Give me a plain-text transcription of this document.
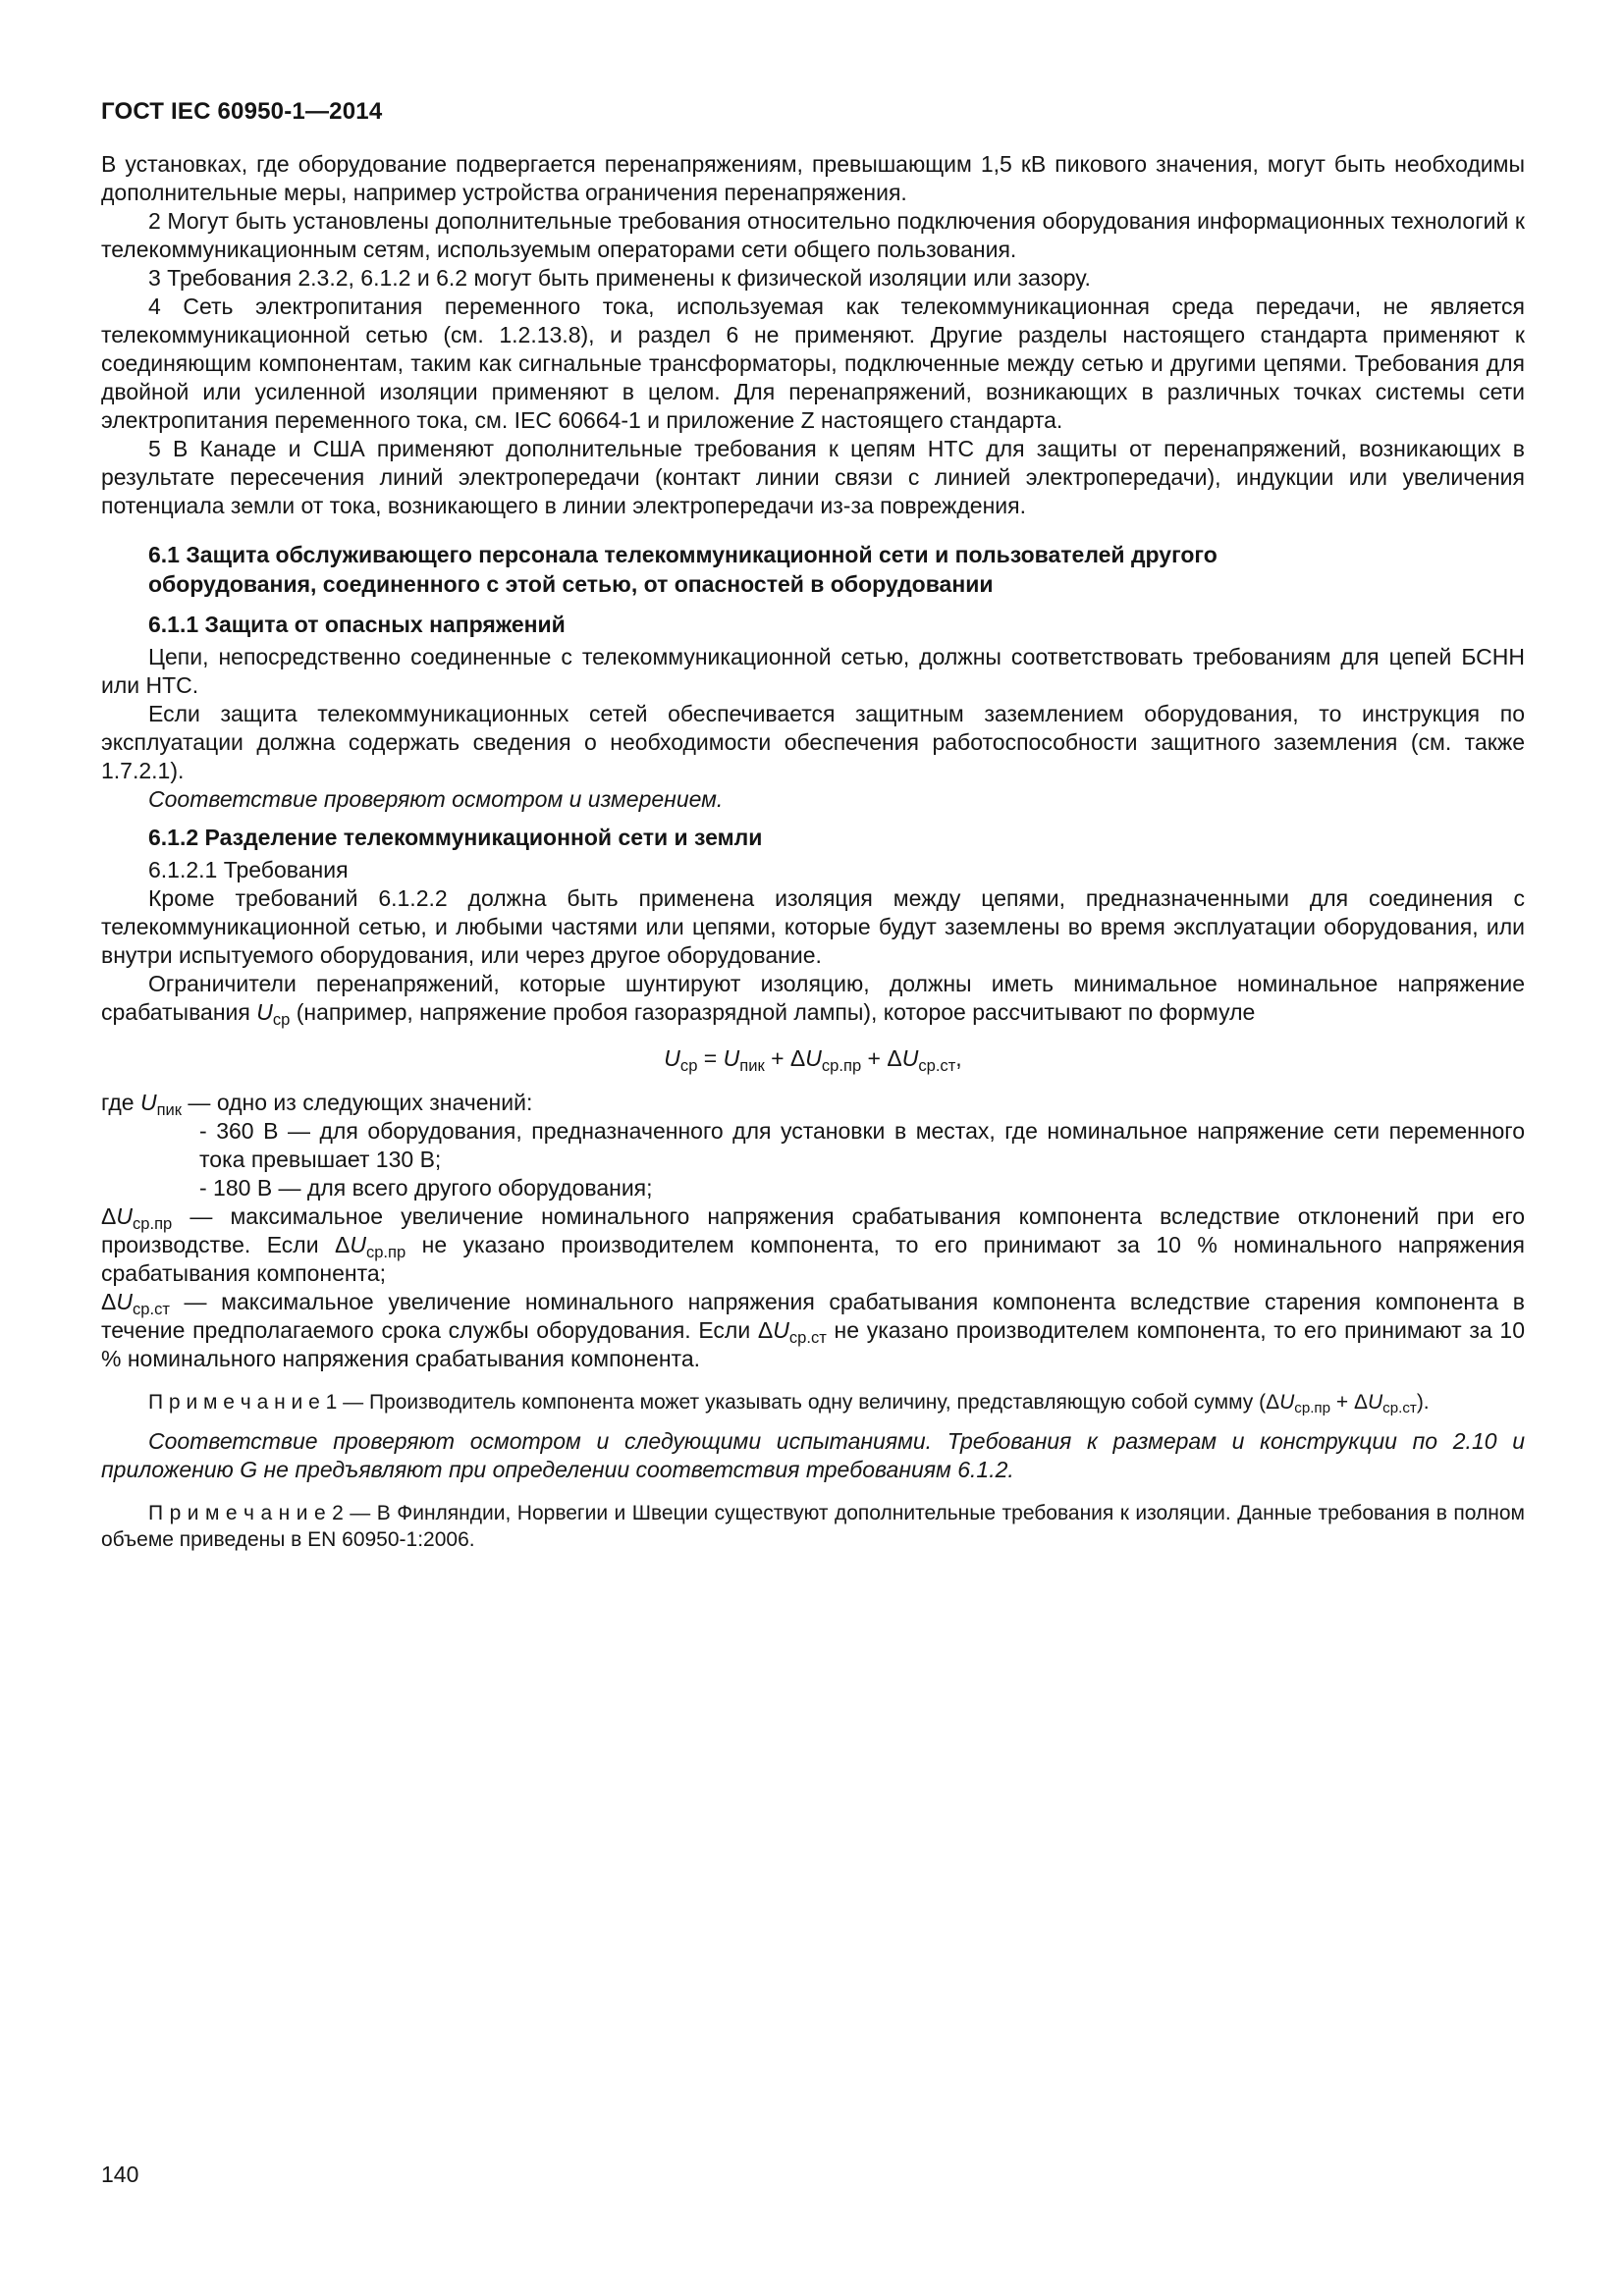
ГОСТ IEC 60950-1—2014
В установках, где оборудование подвергается перенапряжениям, превышающим 1,5 кВ пикового значения, могут быть необходимы дополнительные меры, например устройства ограничения перенапряжения.
2 Могут быть установлены дополнительные требования относительно подключения оборудования информационных технологий к телекоммуникационным сетям, используемым операторами сети общего пользования.
3 Требования 2.3.2, 6.1.2 и 6.2 могут быть применены к физической изоляции или зазору.
4 Сеть электропитания переменного тока, используемая как телекоммуникационная среда передачи, не является телекоммуникационной сетью (см. 1.2.13.8), и раздел 6 не применяют. Другие разделы настоящего стандарта применяют к соединяющим компонентам, таким как сигнальные трансформаторы, подключенные между сетью и другими цепями. Требования для двойной или усиленной изоляции применяют в целом. Для перенапряжений, возникающих в различных точках системы сети электропитания переменного тока, см. IEC 60664-1 и приложение Z настоящего стандарта.
5 В Канаде и США применяют дополнительные требования к цепям НТС для защиты от перенапряжений, возникающих в результате пересечения линий электропередачи (контакт линии связи с линией электропередачи), индукции или увеличения потенциала земли от тока, возникающего в линии электропередачи из-за повреждения.
6.1 Защита обслуживающего персонала телекоммуникационной сети и пользователей другого оборудования, соединенного с этой сетью, от опасностей в оборудовании
6.1.1 Защита от опасных напряжений
Цепи, непосредственно соединенные с телекоммуникационной сетью, должны соответствовать требованиям для цепей БСНН или НТС.
Если защита телекоммуникационных сетей обеспечивается защитным заземлением оборудования, то инструкция по эксплуатации должна содержать сведения о необходимости обеспечения работоспособности защитного заземления (см. также 1.7.2.1).
Соответствие проверяют осмотром и измерением.
6.1.2 Разделение телекоммуникационной сети и земли
6.1.2.1 Требования
Кроме требований 6.1.2.2 должна быть применена изоляция между цепями, предназначенными для соединения с телекоммуникационной сетью, и любыми частями или цепями, которые будут заземлены во время эксплуатации оборудования, или внутри испытуемого оборудования, или через другое оборудование.
Ограничители перенапряжений, которые шунтируют изоляцию, должны иметь минимальное номинальное напряжение срабатывания $U_{ср}$ (например, напряжение пробоя газоразрядной лампы), которое рассчитывают по формуле
$U_{ср} = U_{пик} + \Delta U_{ср.пр} + \Delta U_{ср.ст}$,
где $U_{пик}$ — одно из следующих значений:
- 360 В — для оборудования, предназначенного для установки в местах, где номинальное напряжение сети переменного тока превышает 130 В;
- 180 В — для всего другого оборудования;
$\Delta U_{ср.пр}$ — максимальное увеличение номинального напряжения срабатывания компонента вследствие отклонений при его производстве. Если $\Delta U_{ср.пр}$ не указано производителем компонента, то его принимают за 10 % номинального напряжения срабатывания компонента;
$\Delta U_{ср.ст}$ — максимальное увеличение номинального напряжения срабатывания компонента вследствие старения компонента в течение предполагаемого срока службы оборудования. Если $\Delta U_{ср.ст}$ не указано производителем компонента, то его принимают за 10 % номинального напряжения срабатывания компонента.
П р и м е ч а н и е 1 — Производитель компонента может указывать одну величину, представляющую собой сумму $(\Delta U_{ср.пр} + \Delta U_{ср.ст})$.
Соответствие проверяют осмотром и следующими испытаниями. Требования к размерам и конструкции по 2.10 и приложению G не предъявляют при определении соответствия требованиям 6.1.2.
П р и м е ч а н и е 2 — В Финляндии, Норвегии и Швеции существуют дополнительные требования к изоляции. Данные требования в полном объеме приведены в EN 60950-1:2006.
140
